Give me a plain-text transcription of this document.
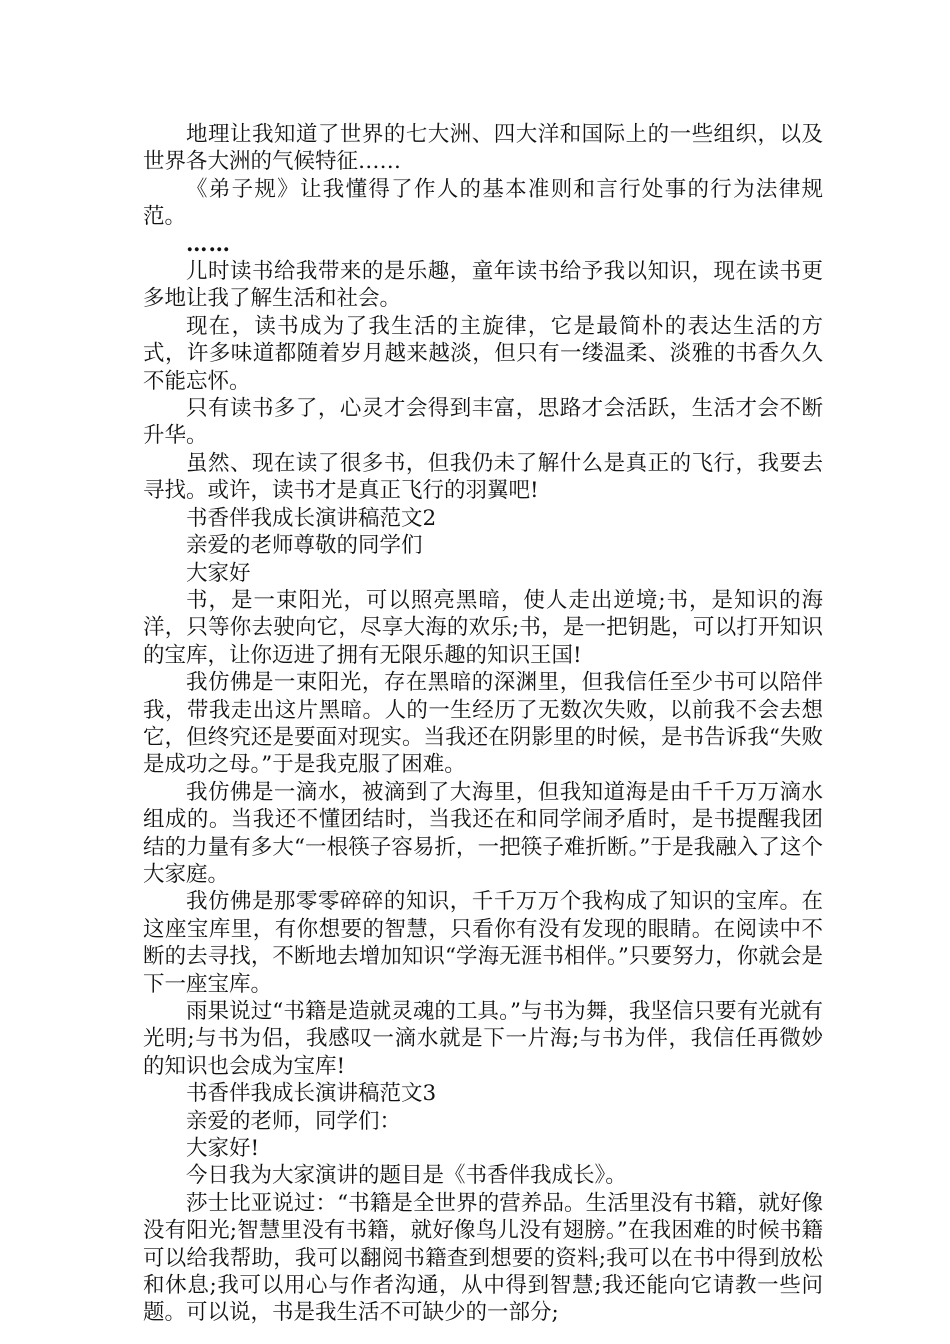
地理让我知道了世界的七大洲、四大洋和国际上的一些组织，以及世界各大洲的气候特征……

《弟子规》让我懂得了作人的基本准则和言行处事的行为法律规范。

……

儿时读书给我带来的是乐趣，童年读书给予我以知识，现在读书更多地让我了解生活和社会。

现在，读书成为了我生活的主旋律，它是最简朴的表达生活的方式，许多味道都随着岁月越来越淡，但只有一缕温柔、淡雅的书香久久不能忘怀。

只有读书多了，心灵才会得到丰富，思路才会活跃，生活才会不断升华。

虽然、现在读了很多书，但我仍未了解什么是真正的飞行，我要去寻找。或许，读书才是真正飞行的羽翼吧!

书香伴我成长演讲稿范文2

亲爱的老师尊敬的同学们

大家好

书，是一束阳光，可以照亮黑暗，使人走出逆境;书，是知识的海洋，只等你去驶向它，尽享大海的欢乐;书，是一把钥匙，可以打开知识的宝库，让你迈进了拥有无限乐趣的知识王国!

我仿佛是一束阳光，存在黑暗的深渊里，但我信任至少书可以陪伴我，带我走出这片黑暗。人的一生经历了无数次失败，以前我不会去想它，但终究还是要面对现实。当我还在阴影里的时候，是书告诉我“失败是成功之母。”于是我克服了困难。

我仿佛是一滴水，被滴到了大海里，但我知道海是由千千万万滴水组成的。当我还不懂团结时，当我还在和同学闹矛盾时，是书提醒我团结的力量有多大“一根筷子容易折，一把筷子难折断。”于是我融入了这个大家庭。

我仿佛是那零零碎碎的知识，千千万万个我构成了知识的宝库。在这座宝库里，有你想要的智慧，只看你有没有发现的眼睛。在阅读中不断的去寻找，不断地去增加知识“学海无涯书相伴。”只要努力，你就会是下一座宝库。

雨果说过“书籍是造就灵魂的工具。”与书为舞，我坚信只要有光就有光明;与书为侣，我感叹一滴水就是下一片海;与书为伴，我信任再微妙的知识也会成为宝库!

书香伴我成长演讲稿范文3

亲爱的老师，同学们：

大家好!

今日我为大家演讲的题目是《书香伴我成长》。

莎士比亚说过：“书籍是全世界的营养品。生活里没有书籍，就好像没有阳光;智慧里没有书籍，就好像鸟儿没有翅膀。”在我困难的时候书籍可以给我帮助，我可以翻阅书籍查到想要的资料;我可以在书中得到放松和休息;我可以用心与作者沟通，从中得到智慧;我还能向它请教一些问题。可以说，书是我生活不可缺少的一部分;
